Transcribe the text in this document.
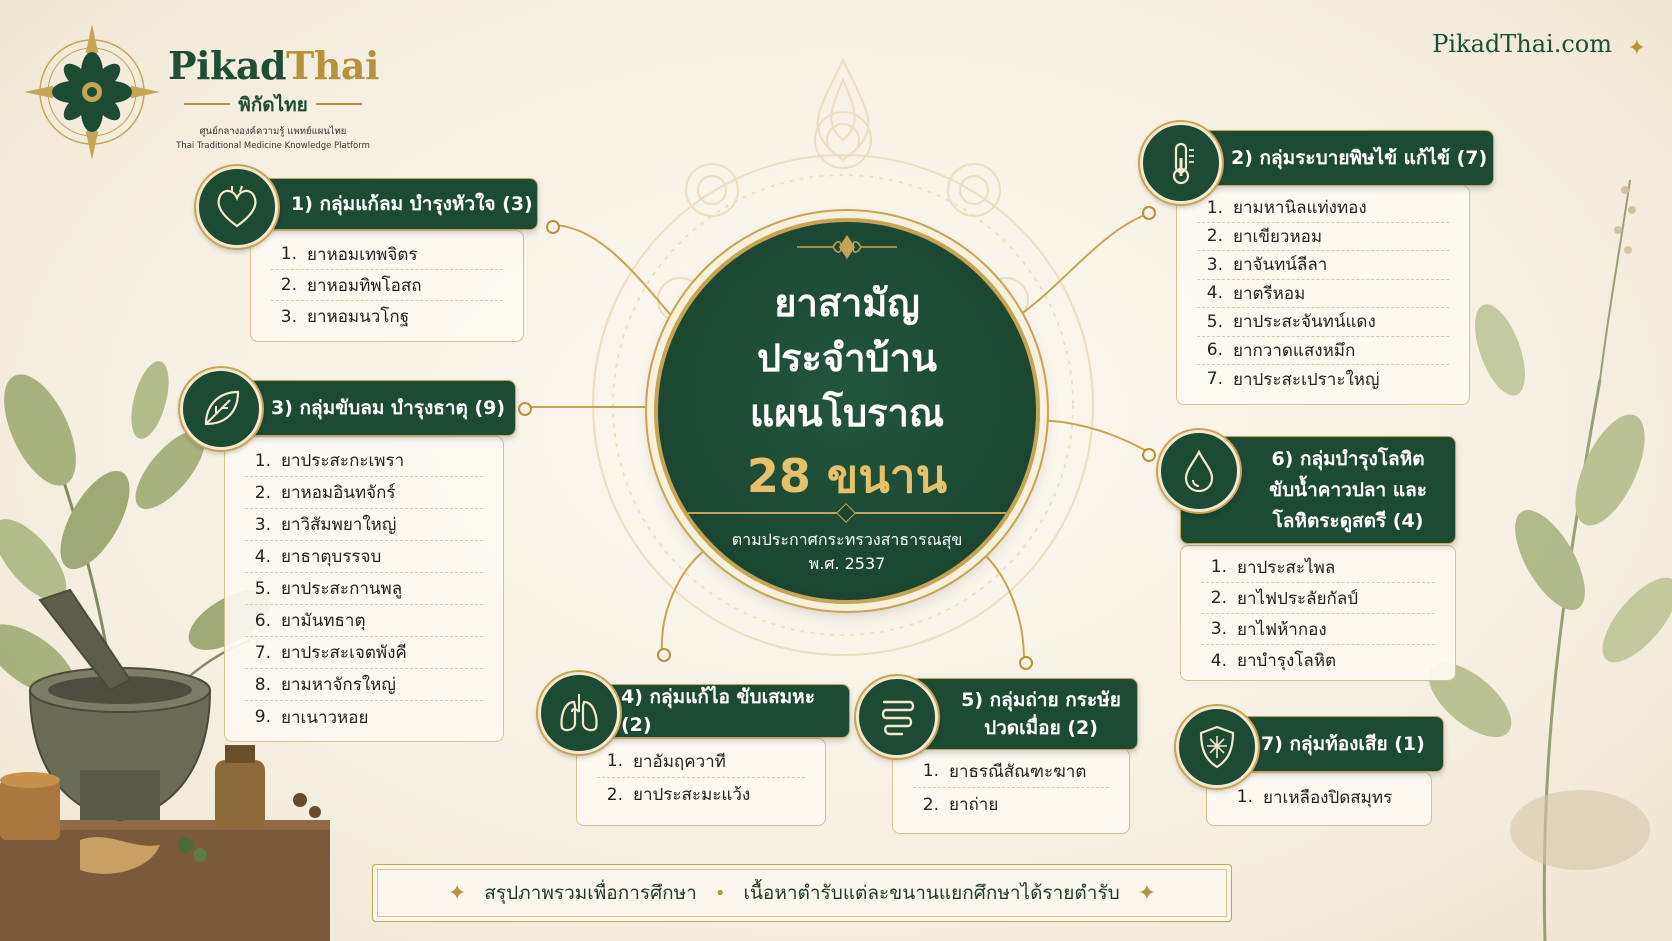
PikadThai
พิกัดไทย
ศูนย์กลางองค์ความรู้ แพทย์แผนไทย
Thai Traditional Medicine Knowledge Platform
PikadThai.com ✦
ยาสามัญ
ประจำบ้าน
แผนโบราณ
28 ขนาน
ตามประกาศกระทรวงสาธารณสุข
พ.ศ. 2537
1. ยาหอมเทพจิตร
2. ยาหอมทิพโอสถ
3. ยาหอมนวโกฐ
1) กลุ่มแก้ลม บำรุงหัวใจ (3)	1. ยามหานิลแท่งทอง
2. ยาเขียวหอม
3. ยาจันทน์ลีลา
4. ยาตรีหอม
5. ยาประสะจันทน์แดง
6. ยากวาดแสงหมึก
7. ยาประสะเปราะใหญ่
2) กลุ่มระบายพิษไข้ แก้ไข้ (7)
1. ยาประสะกะเพรา
2. ยาหอมอินทจักร์
3. ยาวิสัมพยาใหญ่
4. ยาธาตุบรรจบ
5. ยาประสะกานพลู
6. ยามันทธาตุ
7. ยาประสะเจตพังคี
8. ยามหาจักรใหญ่
9. ยาเนาวหอย
3) กลุ่มขับลม บำรุงธาตุ (9)
1. ยาอัมฤควาที
2. ยาประสะมะแว้ง
4) กลุ่มแก้ไอ ขับเสมหะ (2)
1. ยาธรณีสัณฑะฆาต
2. ยาถ่าย
5) กลุ่มถ่าย กระษัย
ปวดเมื่อย (2)
1. ยาประสะไพล
2. ยาไฟประลัยกัลป์
3. ยาไฟห้ากอง
4. ยาบำรุงโลหิต
6) กลุ่มบำรุงโลหิต
ขับน้ำคาวปลา และ
โลหิตระดูสตรี (4)
1. ยาเหลืองปิดสมุทร
7) กลุ่มท้องเสีย (1)
✦ สรุปภาพรวมเพื่อการศึกษา • เนื้อหาตำรับแต่ละขนานแยกศึกษาได้รายตำรับ ✦
